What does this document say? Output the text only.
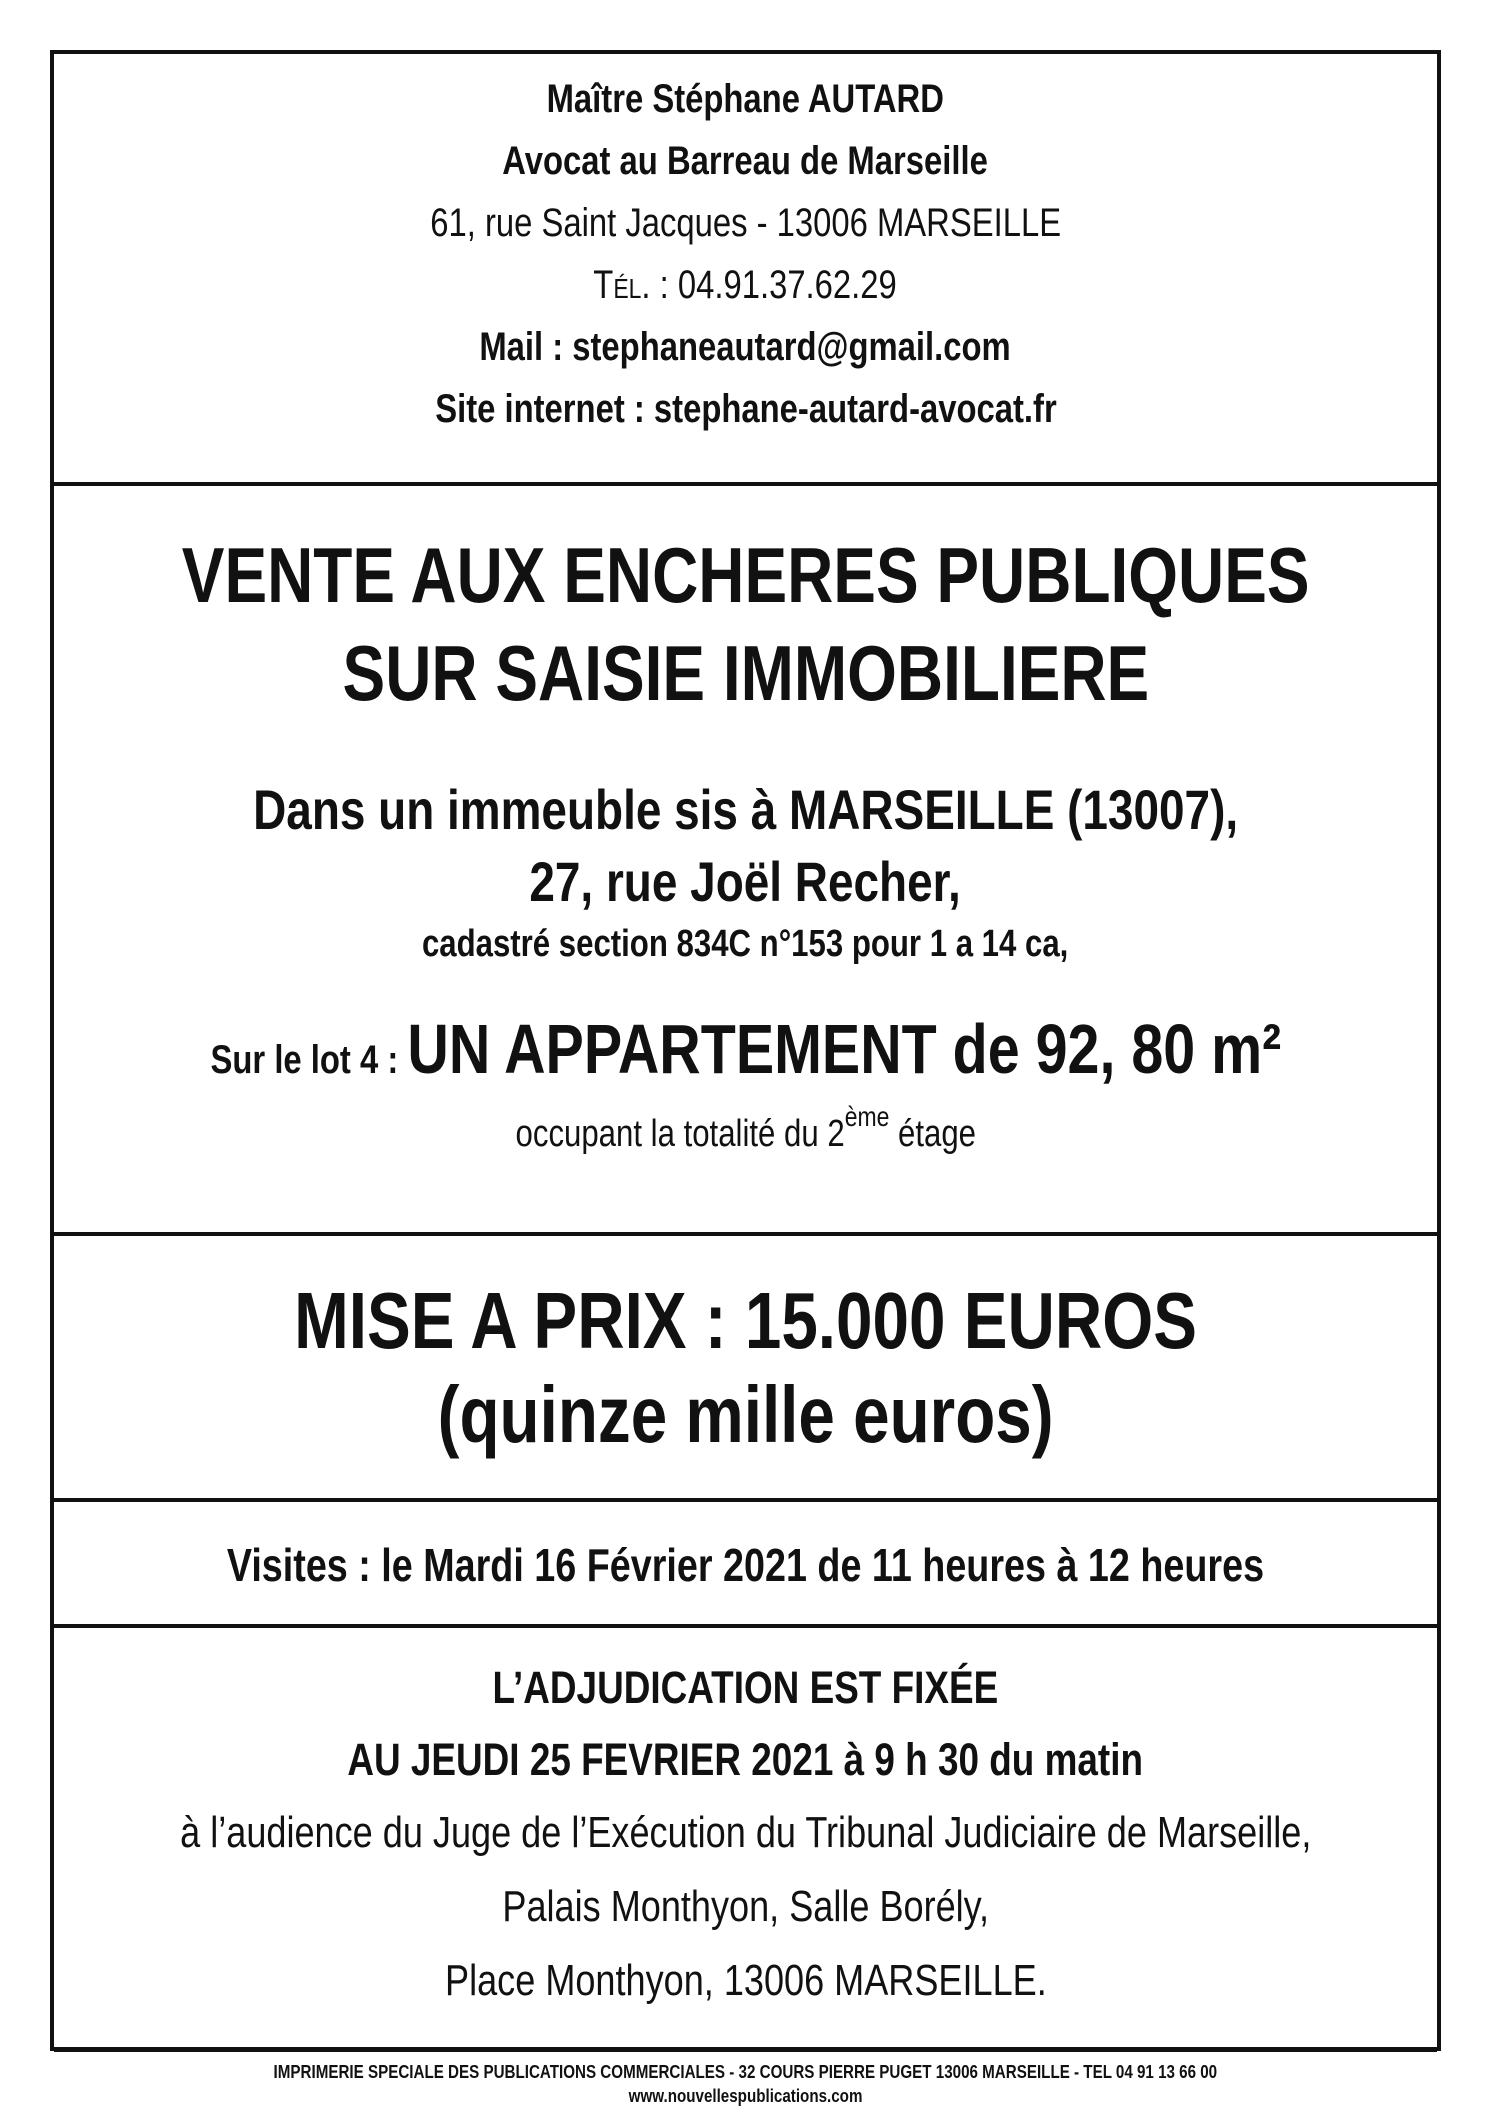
Maître Stéphane AUTARD
Avocat au Barreau de Marseille
61, rue Saint Jacques - 13006 MARSEILLE
Tél. : 04.91.37.62.29
Mail : stephaneautard@gmail.com
Site internet : stephane-autard-avocat.fr
VENTE AUX ENCHERES PUBLIQUES
SUR SAISIE IMMOBILIERE
Dans un immeuble sis à MARSEILLE (13007),
27, rue Joël Recher,
cadastré section 834C n°153 pour 1 a 14 ca,
Sur le lot 4 : UN APPARTEMENT de 92, 80 m²
occupant la totalité du 2ème étage
MISE A PRIX : 15.000 EUROS
(quinze mille euros)
Visites : le Mardi 16 Février 2021 de 11 heures à 12 heures
L’ADJUDICATION EST FIXÉE
AU JEUDI 25 FEVRIER 2021 à 9 h 30 du matin
à l’audience du Juge de l’Exécution du Tribunal Judiciaire de Marseille,
Palais Monthyon, Salle Borély,
Place Monthyon, 13006 MARSEILLE.
IMPRIMERIE SPECIALE DES PUBLICATIONS COMMERCIALES - 32 COURS PIERRE PUGET 13006 MARSEILLE - TEL 04 91 13 66 00
www.nouvellespublications.com
